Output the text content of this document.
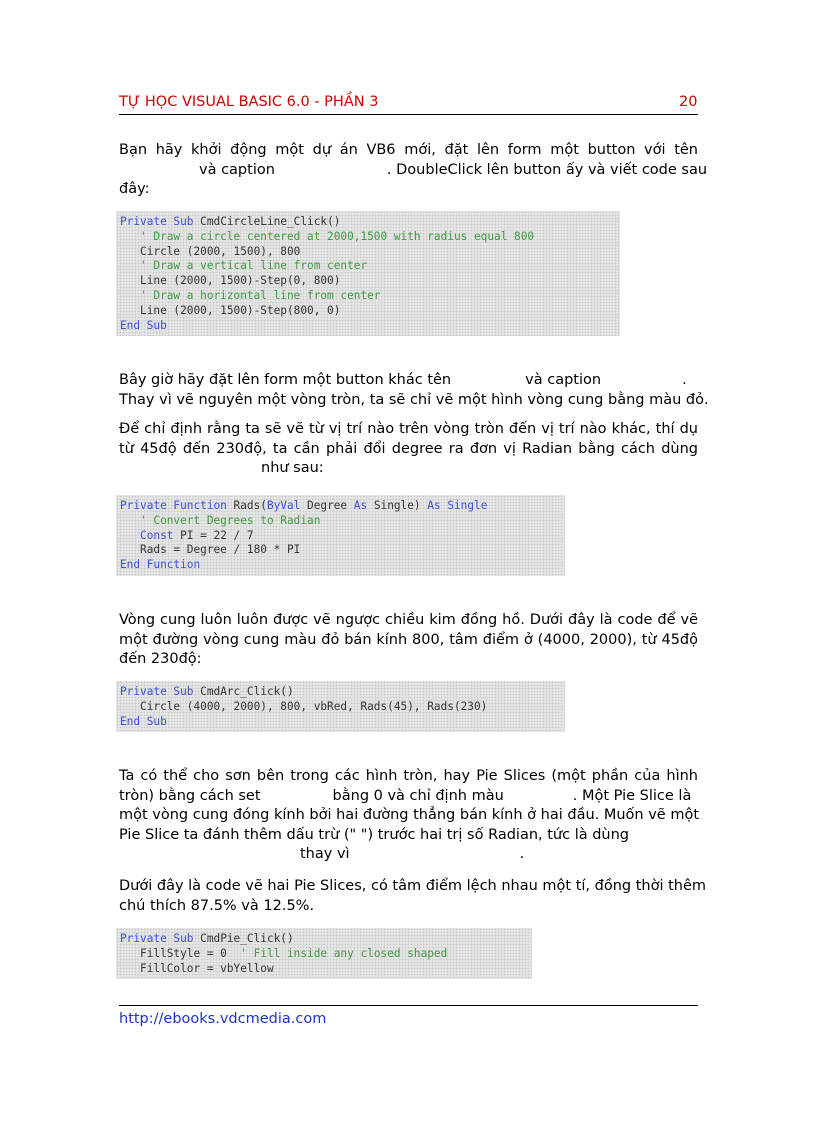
TỰ HỌC VISUAL BASIC 6.0 - PHẦN 3	20
Bạn hãy khởi động một dự án VB6 mới, đặt lên form một button với tên
và caption	. DoubleClick lên button ấy và viết code sau
đây:
Private Sub CmdCircleLine_Click()
' Draw a circle centered at 2000,1500 with radius equal 800
Circle (2000, 1500), 800
' Draw a vertical line from center
Line (2000, 1500)-Step(0, 800)
' Draw a horizontal line from center
Line (2000, 1500)-Step(800, 0)
End Sub
Bây giờ hãy đặt lên form một button khác tên	và caption	.
Thay vì vẽ nguyên một vòng tròn, ta sẽ chỉ vẽ một hình vòng cung bằng màu đỏ.
Để chỉ định rằng ta sẽ vẽ từ vị trí nào trên vòng tròn đến vị trí nào khác, thí dụ
từ 45độ đến 230độ, ta cần phải đổi degree ra đơn vị Radian bằng cách dùng
như sau:
Private Function Rads(ByVal Degree As Single) As Single
' Convert Degrees to Radian
Const PI = 22 / 7
Rads = Degree / 180 * PI
End Function
Vòng cung luôn luôn được vẽ ngược chiều kim đồng hồ. Dưới đây là code để vẽ
một đường vòng cung màu đỏ bán kính 800, tâm điểm ở (4000, 2000), từ 45độ
đến 230độ:
Private Sub CmdArc_Click()
Circle (4000, 2000), 800, vbRed, Rads(45), Rads(230)
End Sub
Ta có thể cho sơn bên trong các hình tròn, hay Pie Slices (một phần của hình
tròn) bằng cách set	bằng 0 và chỉ định màu	. Một Pie Slice là
một vòng cung đóng kính bởi hai đường thẳng bán kính ở hai đầu. Muốn vẽ một
Pie Slice ta đánh thêm dấu trừ (" ") trước hai trị số Radian, tức là dùng
thay vì	.
Dưới đây là code vẽ hai Pie Slices, có tâm điểm lệch nhau một tí, đồng thời thêm
chú thích 87.5% và 12.5%.
Private Sub CmdPie_Click()
FillStyle = 0  ' Fill inside any closed shaped
FillColor = vbYellow
http://ebooks.vdcmedia.com
